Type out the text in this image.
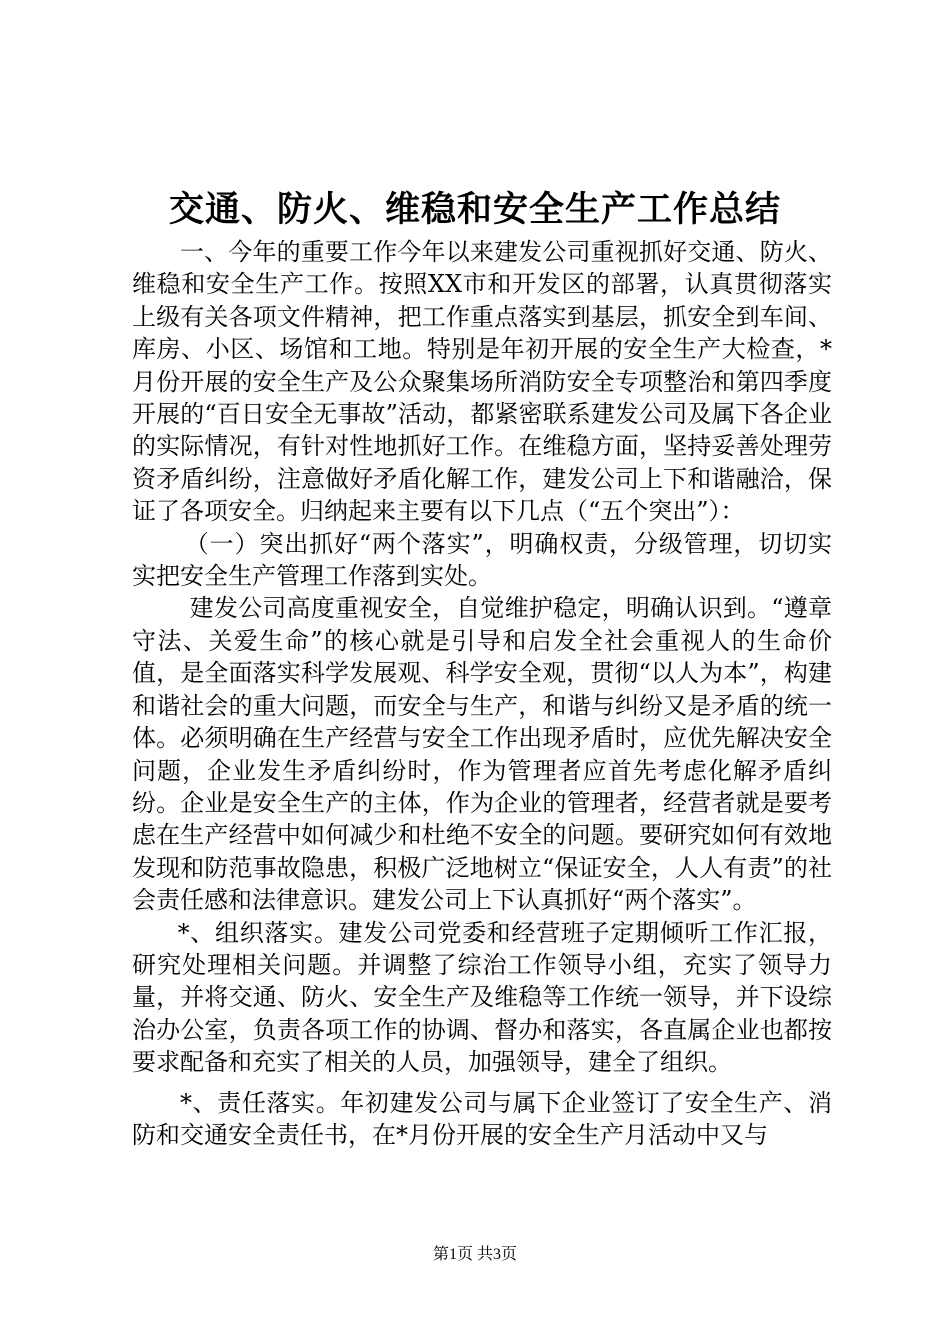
交通、防火、维稳和安全生产工作总结

一、今年的重要工作今年以来建发公司重视抓好交通、防火、维稳和安全生产工作。按照XX市和开发区的部署，认真贯彻落实上级有关各项文件精神，把工作重点落实到基层，抓安全到车间、库房、小区、场馆和工地。特别是年初开展的安全生产大检查，*月份开展的安全生产及公众聚集场所消防安全专项整治和第四季度开展的“百日安全无事故”活动，都紧密联系建发公司及属下各企业的实际情况，有针对性地抓好工作。在维稳方面，坚持妥善处理劳资矛盾纠纷，注意做好矛盾化解工作，建发公司上下和谐融洽，保证了各项安全。归纳起来主要有以下几点（“五个突出”）：

（一）突出抓好“两个落实”，明确权责，分级管理，切切实实把安全生产管理工作落到实处。

建发公司高度重视安全，自觉维护稳定，明确认识到。“遵章守法、关爱生命”的核心就是引导和启发全社会重视人的生命价值，是全面落实科学发展观、科学安全观，贯彻“以人为本”，构建和谐社会的重大问题，而安全与生产，和谐与纠纷又是矛盾的统一体。必须明确在生产经营与安全工作出现矛盾时，应优先解决安全问题，企业发生矛盾纠纷时，作为管理者应首先考虑化解矛盾纠纷。企业是安全生产的主体，作为企业的管理者，经营者就是要考虑在生产经营中如何减少和杜绝不安全的问题。要研究如何有效地发现和防范事故隐患，积极广泛地树立“保证安全，人人有责”的社会责任感和法律意识。建发公司上下认真抓好“两个落实”。

*、组织落实。建发公司党委和经营班子定期倾听工作汇报，研究处理相关问题。并调整了综治工作领导小组，充实了领导力量，并将交通、防火、安全生产及维稳等工作统一领导，并下设综治办公室，负责各项工作的协调、督办和落实，各直属企业也都按要求配备和充实了相关的人员，加强领导，建全了组织。

*、责任落实。年初建发公司与属下企业签订了安全生产、消防和交通安全责任书，在*月份开展的安全生产月活动中又与

第1页 共3页
